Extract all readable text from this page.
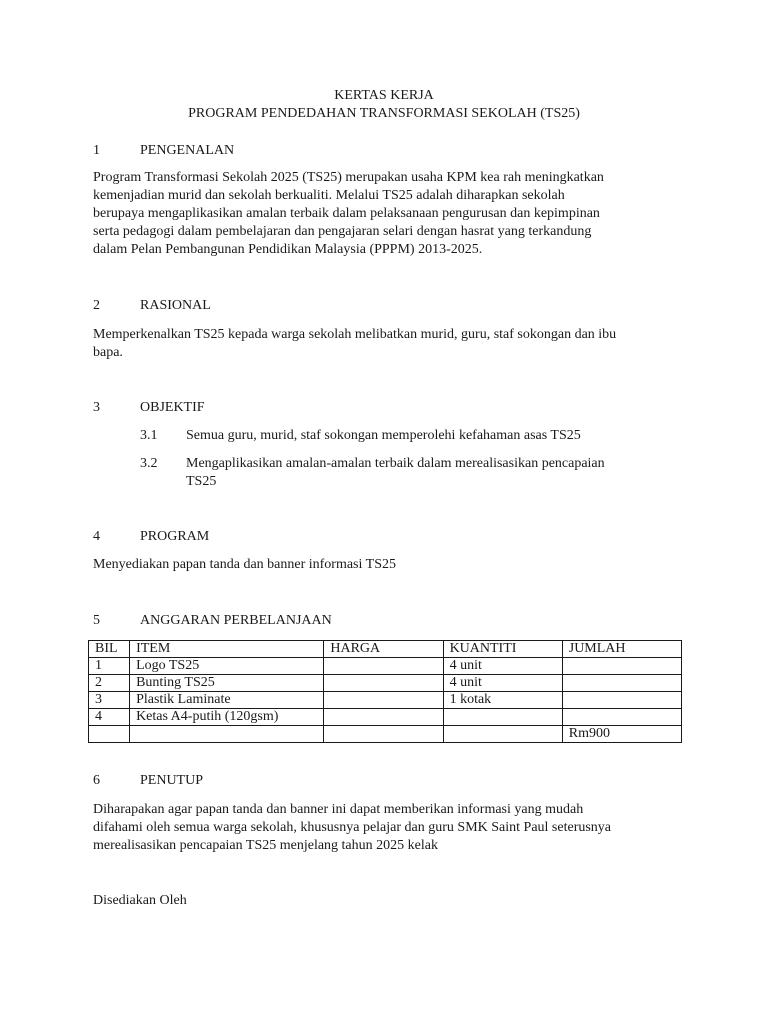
KERTAS KERJA
PROGRAM PENDEDAHAN TRANSFORMASI SEKOLAH (TS25)
1	PENGENALAN
Program Transformasi Sekolah 2025 (TS25) merupakan usaha KPM kea rah meningkatkan
kemenjadian murid dan sekolah berkualiti. Melalui TS25 adalah diharapkan sekolah
berupaya mengaplikasikan amalan terbaik dalam pelaksanaan pengurusan dan kepimpinan
serta pedagogi dalam pembelajaran dan pengajaran selari dengan hasrat yang terkandung
dalam Pelan Pembangunan Pendidikan Malaysia (PPPM) 2013-2025.
2	RASIONAL
Memperkenalkan TS25 kepada warga sekolah melibatkan murid, guru, staf sokongan dan ibu
bapa.
3	OBJEKTIF
3.1 Semua guru, murid, staf sokongan memperolehi kefahaman asas TS25
3.2 Mengaplikasikan amalan-amalan terbaik dalam merealisasikan pencapaian
TS25
4	PROGRAM
Menyediakan papan tanda dan banner informasi TS25
5	ANGGARAN PERBELANJAAN
BIL	ITEM	HARGA	KUANTITI	JUMLAH
1	Logo TS25		4 unit	
2	Bunting TS25		4 unit	
3	Plastik Laminate		1 kotak	
4	Ketas A4-putih (120gsm)			
				Rm900
6	PENUTUP
Diharapakan agar papan tanda dan banner ini dapat memberikan informasi yang mudah
difahami oleh semua warga sekolah, khususnya pelajar dan guru SMK Saint Paul seterusnya
merealisasikan pencapaian TS25 menjelang tahun 2025 kelak
Disediakan Oleh
